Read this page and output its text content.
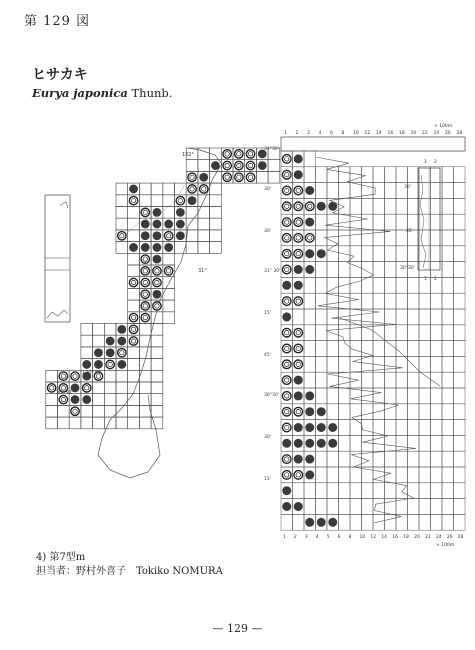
第 129 図
ヒサカキ
Eurya japonica Thunb.
132°
31°
130°30'
30°30'
1 2 3 4 6 8 10 12 14 16 18 20 22 24 26 28
× 100m
1 2 3 4 5 6 8 10 12 14 16 18 20 22 24 26 28
× 100m
31°30'
30'
30'
31° 30'
15'
45'
30°30'
30'
15'
1 2
1 2
30'
45'
30°30'
4) 第7型m
担当者：野村外喜子　Tokiko NOMURA
— 129 —
